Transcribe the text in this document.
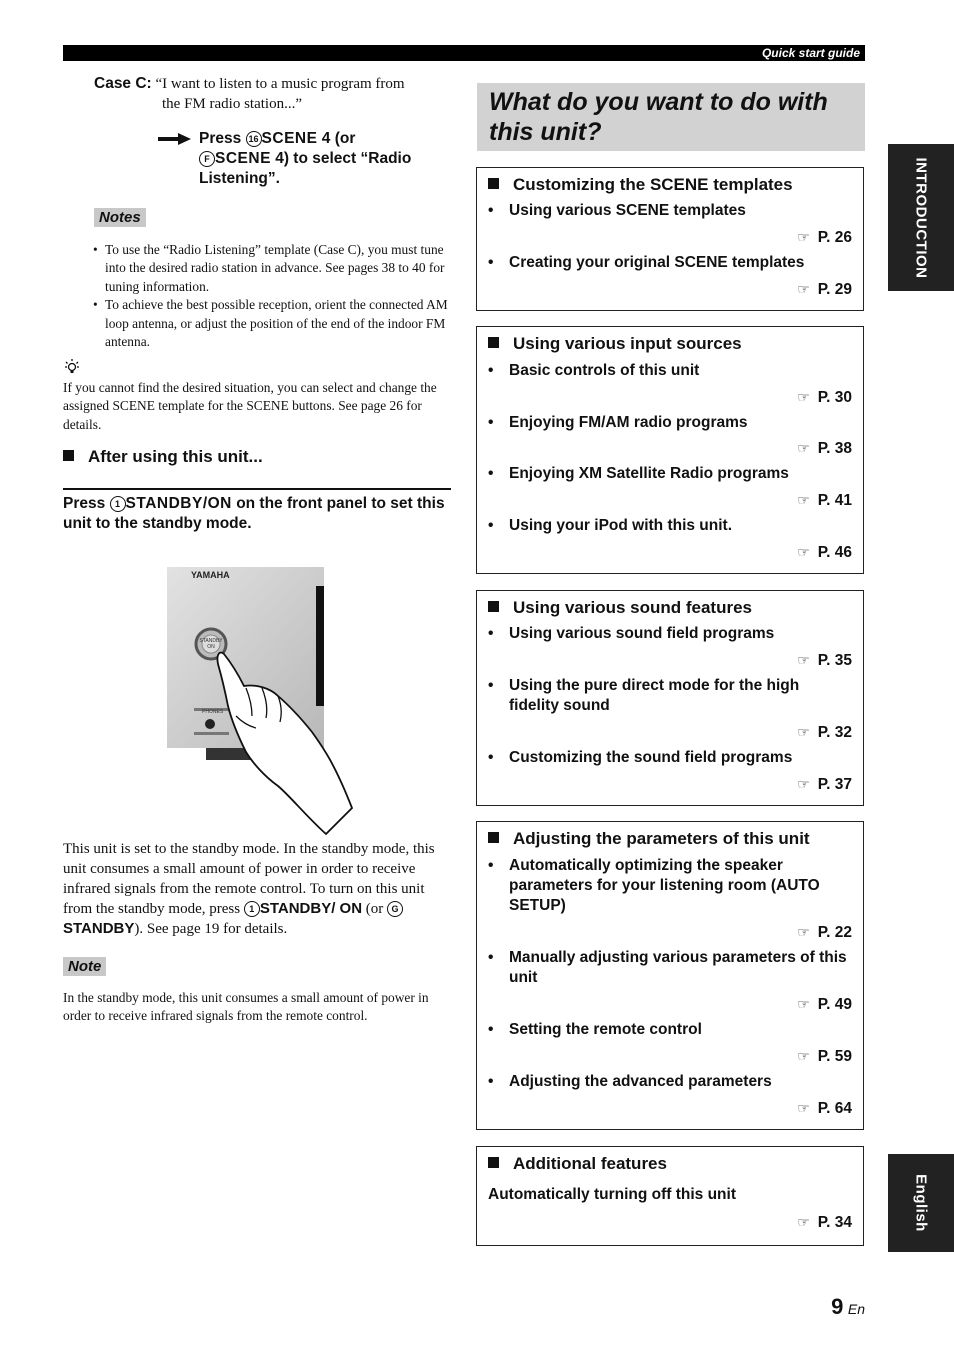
Quick start guide
Case C: “I want to listen to a music program from
the FM radio station...”
Press 16 SCENE 4 (or
F SCENE 4) to select “Radio
Listening”.
Notes
• To use the “Radio Listening” template (Case C), you must tune into the desired radio station in advance. See pages 38 to 40 for tuning information.
• To achieve the best possible reception, orient the connected AM loop antenna, or adjust the position of the end of the indoor FM antenna.
If you cannot find the desired situation, you can select and change the assigned SCENE template for the SCENE buttons. See page 26 for details.
After using this unit...
Press 1 STANDBY/ON on the front panel to set this unit to the standby mode.
YAMAHA
STANDBY ON
PHONES
This unit is set to the standby mode. In the standby mode, this unit consumes a small amount of power in order to receive infrared signals from the remote control. To turn on this unit from the standby mode, press 1 STANDBY/ ON (or GSTANDBY). See page 19 for details.
Note
In the standby mode, this unit consumes a small amount of power in order to receive infrared signals from the remote control.
What do you want to do with this unit?
Customizing the SCENE templates
•	Using various SCENE templates
☞ P. 26
•	Creating your original SCENE templates
☞ P. 29
Using various input sources
•	Basic controls of this unit
☞ P. 30
•	Enjoying FM/AM radio programs
☞ P. 38
•	Enjoying XM Satellite Radio programs
☞ P. 41
•	Using your iPod with this unit.
☞ P. 46
Using various sound features
•	Using various sound field programs
☞ P. 35
•	Using the pure direct mode for the high fidelity sound
☞ P. 32
•	Customizing the sound field programs
☞ P. 37
Adjusting the parameters of this unit
•	Automatically optimizing the speaker parameters for your listening room (AUTO SETUP)
☞ P. 22
•	Manually adjusting various parameters of this unit
☞ P. 49
•	Setting the remote control
☞ P. 59
•	Adjusting the advanced parameters
☞ P. 64
Additional features
Automatically turning off this unit
☞ P. 34
INTRODUCTION
English
9 En
